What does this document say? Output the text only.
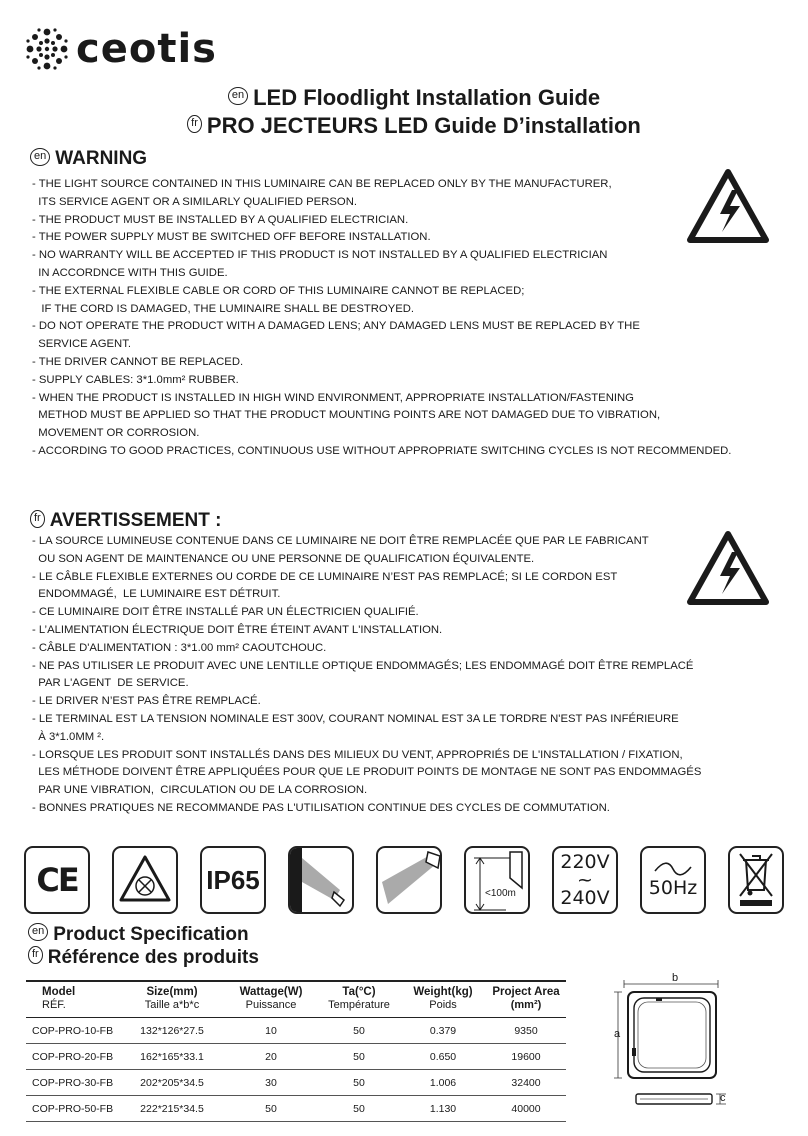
ceotis
en LED Floodlight Installation Guide
fr PRO JECTEURS LED Guide D’installation
en WARNING
- THE LIGHT SOURCE CONTAINED IN THIS LUMINAIRE CAN BE REPLACED ONLY BY THE MANUFACTURER,
ITS SERVICE AGENT OR A SIMILARLY QUALIFIED PERSON.
- THE PRODUCT MUST BE INSTALLED BY A QUALIFIED ELECTRICIAN.
- THE POWER SUPPLY MUST BE SWITCHED OFF BEFORE INSTALLATION.
- NO WARRANTY WILL BE ACCEPTED IF THIS PRODUCT IS NOT INSTALLED BY A QUALIFIED ELECTRICIAN
IN ACCORDNCE WITH THIS GUIDE.
- THE EXTERNAL FLEXIBLE CABLE OR CORD OF THIS LUMINAIRE CANNOT BE REPLACED;
IF THE CORD IS DAMAGED, THE LUMINAIRE SHALL BE DESTROYED.
- DO NOT OPERATE THE PRODUCT WITH A DAMAGED LENS; ANY DAMAGED LENS MUST BE REPLACED BY THE
SERVICE AGENT.
- THE DRIVER CANNOT BE REPLACED.
- SUPPLY CABLES: 3*1.0mm² RUBBER.
- WHEN THE PRODUCT IS INSTALLED IN HIGH WIND ENVIRONMENT, APPROPRIATE INSTALLATION/FASTENING
METHOD MUST BE APPLIED SO THAT THE PRODUCT MOUNTING POINTS ARE NOT DAMAGED DUE TO VIBRATION,
MOVEMENT OR CORROSION.
- ACCORDING TO GOOD PRACTICES, CONTINUOUS USE WITHOUT APPROPRIATE SWITCHING CYCLES IS NOT RECOMMENDED.
fr AVERTISSEMENT :
- LA SOURCE LUMINEUSE CONTENUE DANS CE LUMINAIRE NE DOIT ÊTRE REMPLACÉE QUE PAR LE FABRICANT
OU SON AGENT DE MAINTENANCE OU UNE PERSONNE DE QUALIFICATION ÉQUIVALENTE.
- LE CÂBLE FLEXIBLE EXTERNES OU CORDE DE CE LUMINAIRE N’EST PAS REMPLACÉ; SI LE CORDON EST
ENDOMMAGÉ,  LE LUMINAIRE EST DÉTRUIT.
- CE LUMINAIRE DOIT ÊTRE INSTALLÉ PAR UN ÉLECTRICIEN QUALIFIÉ.
- L’ALIMENTATION ÉLECTRIQUE DOIT ÊTRE ÉTEINT AVANT L'INSTALLATION.
- CÂBLE D'ALIMENTATION : 3*1.00 mm² CAOUTCHOUC.
- NE PAS UTILISER LE PRODUIT AVEC UNE LENTILLE OPTIQUE ENDOMMAGÉS; LES ENDOMMAGÉ DOIT ÊTRE REMPLACÉ
PAR L'AGENT  DE SERVICE.
- LE DRIVER N’EST PAS ÊTRE REMPLACÉ.
- LE TERMINAL EST LA TENSION NOMINALE EST 300V, COURANT NOMINAL EST 3A LE TORDRE N'EST PAS INFÉRIEURE
À 3*1.0MM ².
- LORSQUE LES PRODUIT SONT INSTALLÉS DANS DES MILIEUX DU VENT, APPROPRIÉS DE L'INSTALLATION / FIXATION,
LES MÉTHODE DOIVENT ÊTRE APPLIQUÉES POUR QUE LE PRODUIT POINTS DE MONTAGE NE SONT PAS ENDOMMAGÉS
PAR UNE VIBRATION,  CIRCULATION OU DE LA CORROSION.
- BONNES PRATIQUES NE RECOMMANDE PAS L'UTILISATION CONTINUE DES CYCLES DE COMMUTATION.
CE	IP65	<100m
220V
~
240V 50Hz
en Product Specification
fr Référence des produits
Model	Size(mm)	Wattage(W)	Ta(°C)	Weight(kg)	Project Area
RÉF.	Taille a*b*c	Puissance	Température	Poids	(mm²)
COP-PRO-10-FB	132*126*27.5	10	50	0.379	9350
COP-PRO-20-FB	162*165*33.1	20	50	0.650	19600
COP-PRO-30-FB	202*205*34.5	30	50	1.006	32400
COP-PRO-50-FB	222*215*34.5	50	50	1.130	40000
b
a
c
